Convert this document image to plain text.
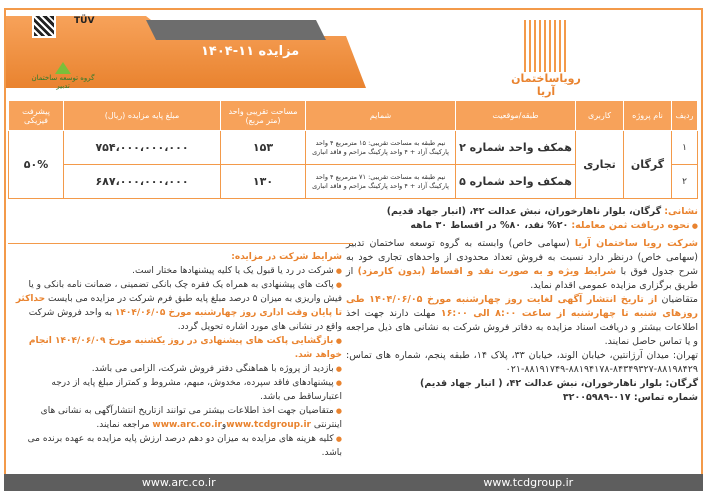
مزایده ۱۱-۱۴۰۴
TÜV
گروه توسعه ساختمان تدبیر
رویاساختمان آریا
ردیف	نام پروژه	کاربری	طبقه/موقعیت	شمایم	مساحت تقریبی واحد (متر مربع)	مبلغ پایه مزایده (ریال)	پیشرفت فیزیکی
۱	گرگان	تجاری	همکف واحد شماره ۲	نیم طبقه به مساحت تقریبی: ۱۵ مترمربع ۴ واحد پارکینگ آزاد + ۴ واحد پارکینگ مزاحم و فاقد انباری	۱۵۳	۷۵۴،۰۰۰،۰۰۰،۰۰۰	۵۰%
۲			همکف واحد شماره ۵	نیم طبقه به مساحت تقریبی: ۷۱ مترمربع ۴ واحد پارکینگ آزاد + ۴ واحد پارکینگ مزاحم و فاقد انباری	۱۳۰	۶۸۷،۰۰۰،۰۰۰،۰۰۰	

نشانی: گرگان، بلوار ناهارخوران، نبش عدالت ۴۲، (انبار جهاد قدیم)

● نحوه دریافت ثمن معامله: ۲۰% نقد، ۸۰% در اقساط ۳۰ ماهه

شرکت رویا ساختمان آریا (سهامی خاص) وابسته به گروه توسعه ساختمان تدبیر (سهامی خاص) درنظر دارد نسبت به فروش تعداد محدودی از واحدهای تجاری خود به شرح جدول فوق با شرایط ویژه و به صورت نقد و اقساط (بدون کارمزد) از طریق برگزاری مزایده عمومی اقدام نماید.

متقاضیان از تاریخ انتشار آگهی لغایت روز چهارشنبه مورخ ۱۴۰۴/۰۶/۰۵ طی روزهای شنبه تا چهارشنبه از ساعت ۸:۰۰ الی ۱۶:۰۰ مهلت دارند جهت اخذ اطلاعات بیشتر و دریافت اسناد مزایده به دفاتر فروش شرکت به نشانی های ذیل مراجعه و یا تماس حاصل نمایند.

تهران: میدان آرژانتین، خیابان الوند، خیابان ۳۳، پلاک ۱۴، طبقه پنجم، شماره های تماس: ۸۸۱۹۸۴۲۹-۸۴۳۴۹۳۲۷-۸۸۱۹۴۱۷۸-۸۸۱۹۱۷۴۹-۰۲۱

گرگان: بلوار ناهارخوران، نبش عدالت ۴۲، ( انبار جهاد قدیم)

شماره تماس: ۰۱۷-۳۲۰۰۵۹۸۹

شرایط شرکت در مزایده:

● شرکت در رد یا قبول یک یا کلیه پیشنهادها مختار است.

● پاکت های پیشنهادی به همراه یک فقره چک بانکی تضمینی ، ضمانت نامه بانکی و یا فیش واریزی به میزان ۵ درصد مبلغ پایه طبق فرم شرکت در مزایده می بایست حداکثر تا پایان وقت اداری روز چهارشنبه مورخ ۱۴۰۴/۰۶/۰۵ به واحد فروش شرکت واقع در نشانی های مورد اشاره تحویل گردد.

● بازگشایی پاکت های پیشنهادی در روز یکشنبه مورخ ۱۴۰۴/۰۶/۰۹ انجام خواهد شد.

● بازدید از پروژه با هماهنگی دفتر فروش شرکت، الزامی می باشد.

● پیشنهادهای فاقد سپرده، مخدوش، مبهم، مشروط و کمتراز مبلغ پایه از درجه اعتبارساقط می باشد.

● متقاضیان جهت اخذ اطلاعات بیشتر می توانند ازتاریخ انتشارآگهی به نشانی های اینترنتی www.tcdgroup.irوwww.arc.co.ir مراجعه نمایند.

● کلیه هزینه های مزایده به میزان دو دهم درصد ارزش پایه مزایده به عهده برنده می باشد.

www.arc.co.ir	www.tcdgroup.ir
